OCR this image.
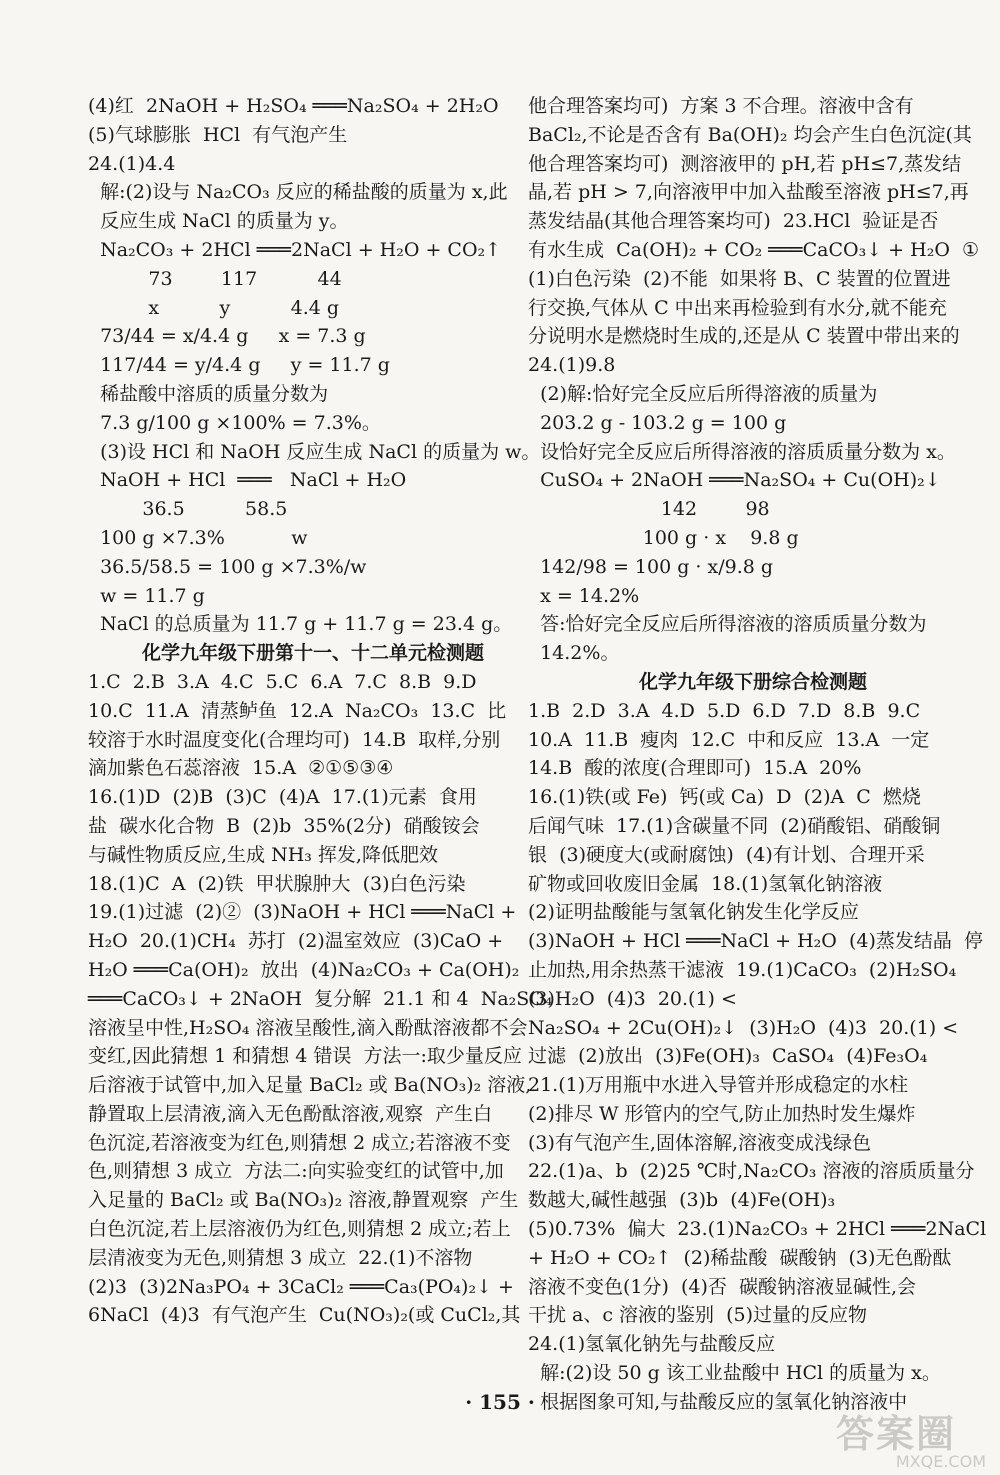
(4)红  2NaOH + H₂SO₄ ═══Na₂SO₄ + 2H₂O
(5)气球膨胀  HCl  有气泡产生
24.(1)4.4
解:(2)设与 Na₂CO₃ 反应的稀盐酸的质量为 x,此
反应生成 NaCl 的质量为 y。
Na₂CO₃ + 2HCl ═══2NaCl + H₂O + CO₂↑
73        117          44
x          y          4.4 g
73/44 = x/4.4 g     x = 7.3 g
117/44 = y/4.4 g     y = 11.7 g
稀盐酸中溶质的质量分数为
7.3 g/100 g ×100% = 7.3%。
(3)设 HCl 和 NaOH 反应生成 NaCl 的质量为 w。
NaOH + HCl  ═══   NaCl + H₂O
36.5          58.5
100 g ×7.3%           w
36.5/58.5 = 100 g ×7.3%/w
w = 11.7 g
NaCl 的总质量为 11.7 g + 11.7 g = 23.4 g。
化学九年级下册第十一、十二单元检测题
1.C  2.B  3.A  4.C  5.C  6.A  7.C  8.B  9.D
10.C  11.A  清蒸鲈鱼  12.A  Na₂CO₃  13.C  比
较溶于水时温度变化(合理均可)  14.B  取样,分别
滴加紫色石蕊溶液  15.A  ②①⑤③④
16.(1)D  (2)B  (3)C  (4)A  17.(1)元素  食用
盐  碳水化合物  B  (2)b  35%(2分)  硝酸铵会
与碱性物质反应,生成 NH₃ 挥发,降低肥效
18.(1)C  A  (2)铁  甲状腺肿大  (3)白色污染
19.(1)过滤  (2)②  (3)NaOH + HCl ═══NaCl +
H₂O  20.(1)CH₄  苏打  (2)温室效应  (3)CaO +
H₂O ═══Ca(OH)₂  放出  (4)Na₂CO₃ + Ca(OH)₂
═══CaCO₃↓ + 2NaOH  复分解  21.1 和 4  Na₂SO₄
溶液呈中性,H₂SO₄ 溶液呈酸性,滴入酚酞溶液都不会
变红,因此猜想 1 和猜想 4 错误  方法一:取少量反应
后溶液于试管中,加入足量 BaCl₂ 或 Ba(NO₃)₂ 溶液,
静置取上层清液,滴入无色酚酞溶液,观察  产生白
色沉淀,若溶液变为红色,则猜想 2 成立;若溶液不变
色,则猜想 3 成立  方法二:向实验变红的试管中,加
入足量的 BaCl₂ 或 Ba(NO₃)₂ 溶液,静置观察  产生
白色沉淀,若上层溶液仍为红色,则猜想 2 成立;若上
层清液变为无色,则猜想 3 成立  22.(1)不溶物
(2)3  (3)2Na₃PO₄ + 3CaCl₂ ═══Ca₃(PO₄)₂↓ +
6NaCl  (4)3  有气泡产生  Cu(NO₃)₂(或 CuCl₂,其
他合理答案均可)  方案 3 不合理。溶液中含有
BaCl₂,不论是否含有 Ba(OH)₂ 均会产生白色沉淀(其
他合理答案均可)  测溶液甲的 pH,若 pH≤7,蒸发结
晶,若 pH > 7,向溶液甲中加入盐酸至溶液 pH≤7,再
蒸发结晶(其他合理答案均可)  23.HCl  验证是否
有水生成  Ca(OH)₂ + CO₂ ═══CaCO₃↓ + H₂O  ①
(1)白色污染  (2)不能  如果将 B、C 装置的位置进
行交换,气体从 C 中出来再检验到有水分,就不能充
分说明水是燃烧时生成的,还是从 C 装置中带出来的
24.(1)9.8
(2)解:恰好完全反应后所得溶液的质量为
203.2 g - 103.2 g = 100 g
设恰好完全反应后所得溶液的溶质质量分数为 x。
CuSO₄ + 2NaOH ═══Na₂SO₄ + Cu(OH)₂↓
142        98
100 g · x    9.8 g
142/98 = 100 g · x/9.8 g
x = 14.2%
答:恰好完全反应后所得溶液的溶质质量分数为
14.2%。
化学九年级下册综合检测题
1.B  2.D  3.A  4.D  5.D  6.D  7.D  8.B  9.C
10.A  11.B  瘦肉  12.C  中和反应  13.A  一定
14.B  酸的浓度(合理即可)  15.A  20%
16.(1)铁(或 Fe)  钙(或 Ca)  D  (2)A  C  燃烧
后闻气味  17.(1)含碳量不同  (2)硝酸铝、硝酸铜
银  (3)硬度大(或耐腐蚀)  (4)有计划、合理开采
矿物或回收废旧金属  18.(1)氢氧化钠溶液
(2)证明盐酸能与氢氧化钠发生化学反应
(3)NaOH + HCl ═══NaCl + H₂O  (4)蒸发结晶  停
止加热,用余热蒸干滤液  19.(1)CaCO₃  (2)H₂SO₄
(3)H₂O  (4)3  20.(1) <
Na₂SO₄ + 2Cu(OH)₂↓  (3)H₂O  (4)3  20.(1) <
过滤  (2)放出  (3)Fe(OH)₃  CaSO₄  (4)Fe₃O₄
21.(1)万用瓶中水进入导管并形成稳定的水柱
(2)排尽 W 形管内的空气,防止加热时发生爆炸
(3)有气泡产生,固体溶解,溶液变成浅绿色
22.(1)a、b  (2)25 ℃时,Na₂CO₃ 溶液的溶质质量分
数越大,碱性越强  (3)b  (4)Fe(OH)₃
(5)0.73%  偏大  23.(1)Na₂CO₃ + 2HCl ═══2NaCl
+ H₂O + CO₂↑  (2)稀盐酸  碳酸钠  (3)无色酚酞
溶液不变色(1分)  (4)否  碳酸钠溶液显碱性,会
干扰 a、c 溶液的鉴别  (5)过量的反应物
24.(1)氢氧化钠先与盐酸反应
解:(2)设 50 g 该工业盐酸中 HCl 的质量为 x。
根据图象可知,与盐酸反应的氢氧化钠溶液中
· 155 ·
答案圈
MXQE.COM
